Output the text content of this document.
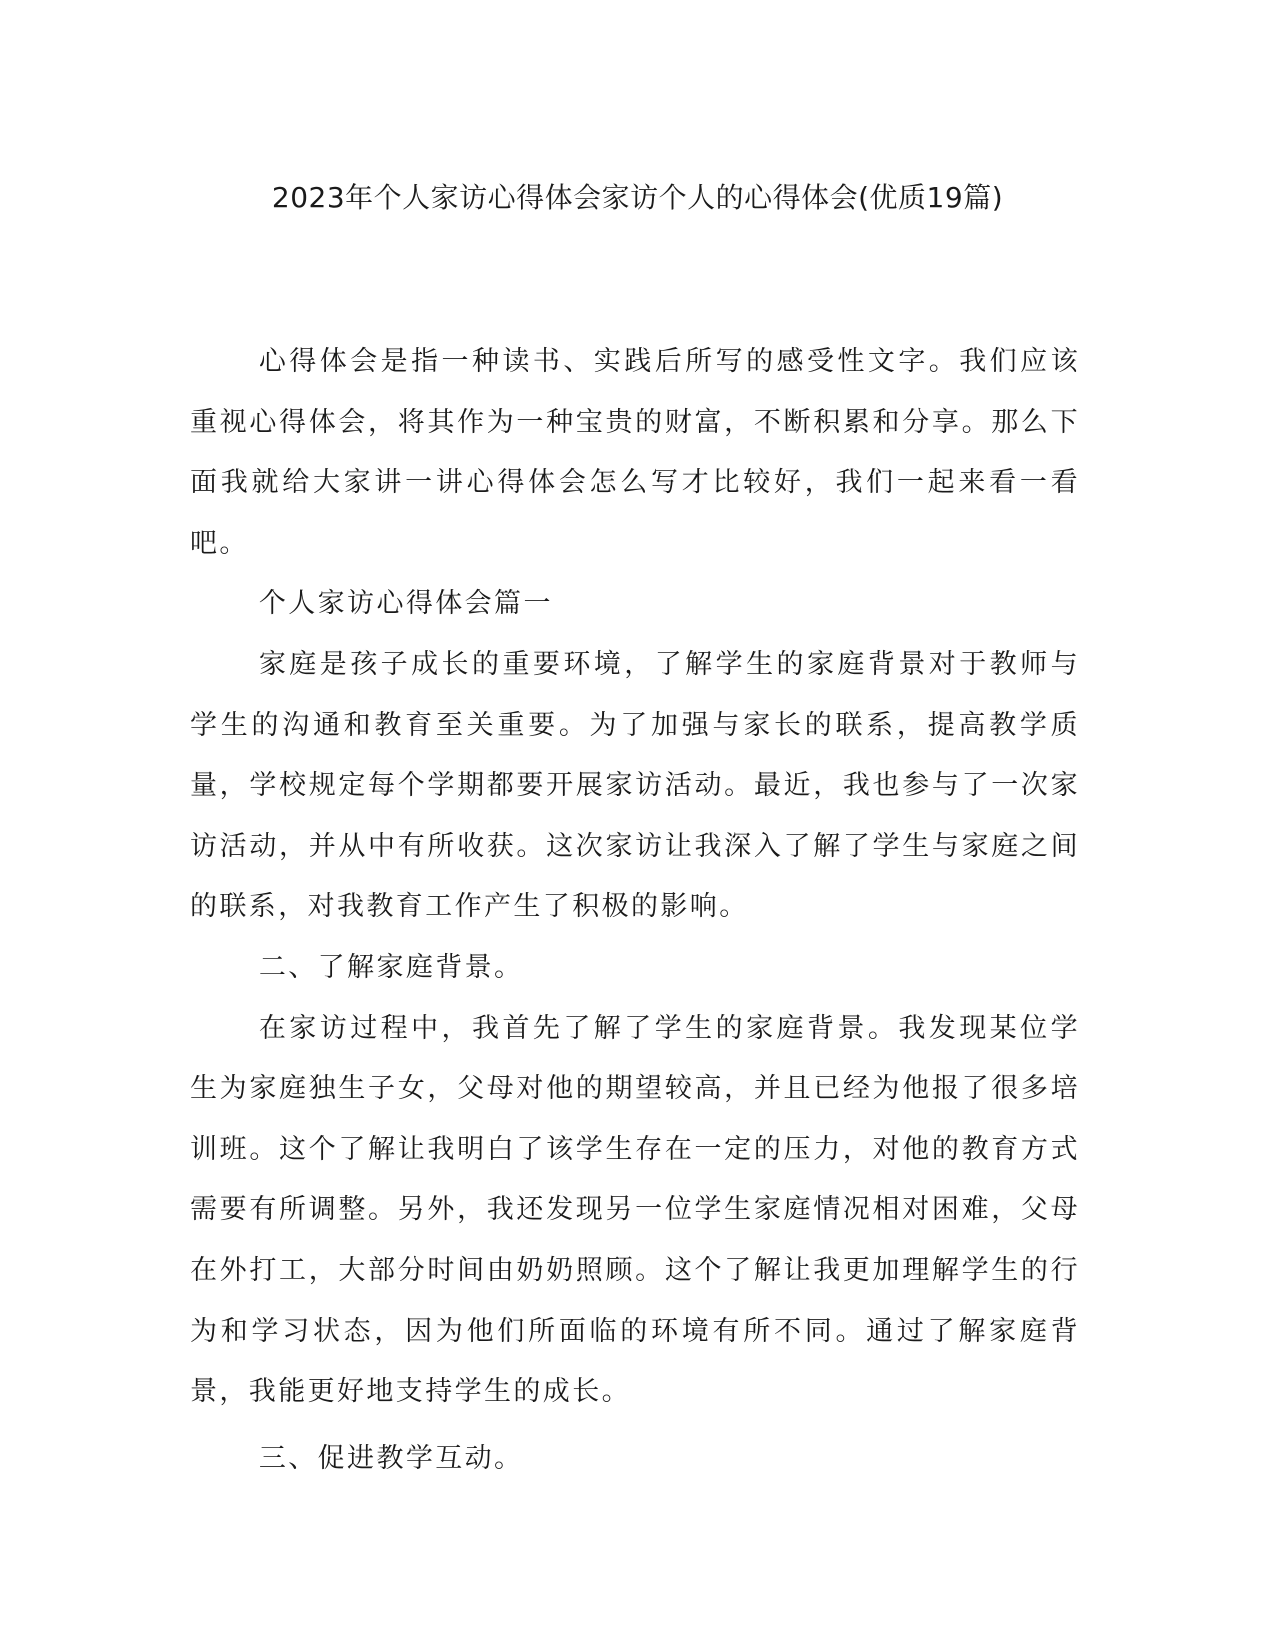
2023年个人家访心得体会家访个人的心得体会(优质19篇)

心得体会是指一种读书、实践后所写的感受性文字。我们应该重视心得体会，将其作为一种宝贵的财富，不断积累和分享。那么下面我就给大家讲一讲心得体会怎么写才比较好，我们一起来看一看吧。

个人家访心得体会篇一

家庭是孩子成长的重要环境，了解学生的家庭背景对于教师与学生的沟通和教育至关重要。为了加强与家长的联系，提高教学质量，学校规定每个学期都要开展家访活动。最近，我也参与了一次家访活动，并从中有所收获。这次家访让我深入了解了学生与家庭之间的联系，对我教育工作产生了积极的影响。

二、了解家庭背景。

在家访过程中，我首先了解了学生的家庭背景。我发现某位学生为家庭独生子女，父母对他的期望较高，并且已经为他报了很多培训班。这个了解让我明白了该学生存在一定的压力，对他的教育方式需要有所调整。另外，我还发现另一位学生家庭情况相对困难，父母在外打工，大部分时间由奶奶照顾。这个了解让我更加理解学生的行为和学习状态，因为他们所面临的环境有所不同。通过了解家庭背景，我能更好地支持学生的成长。

三、促进教学互动。
